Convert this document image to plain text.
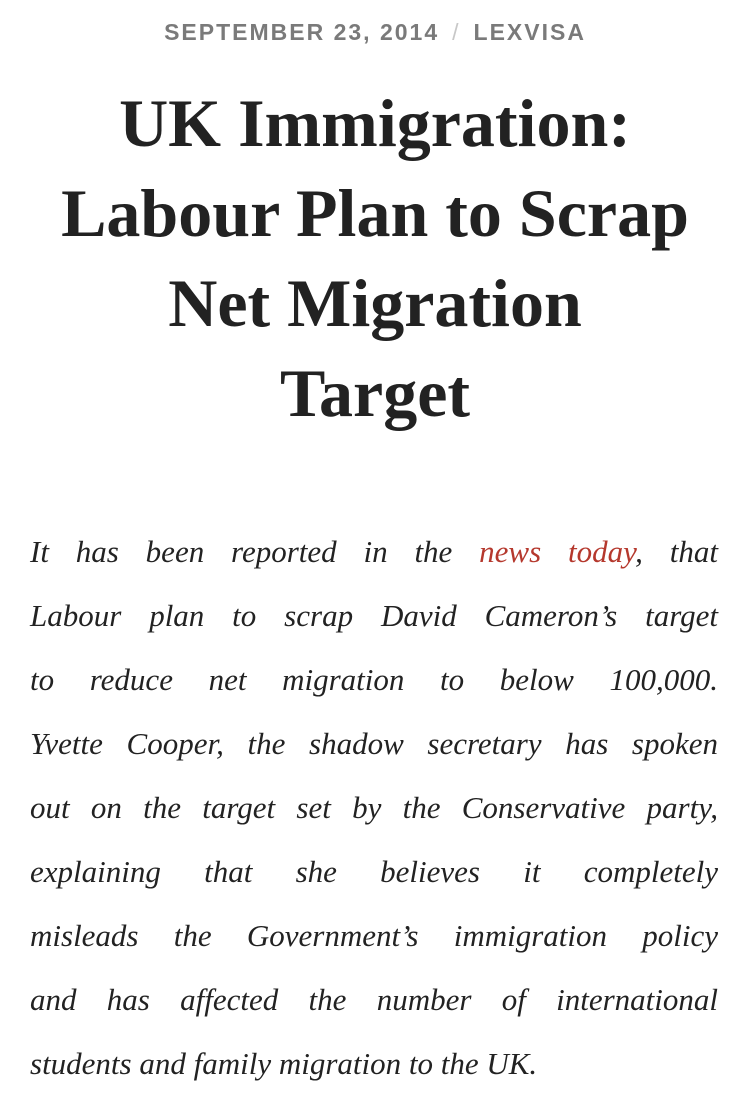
SEPTEMBER 23, 2014 / LEXVISA
UK Immigration:
Labour Plan to Scrap
Net Migration
Target
It has been reported in the news today, that
Labour plan to scrap David Cameron’s target
to reduce net migration to below 100,000.
Yvette Cooper, the shadow secretary has spoken
out on the target set by the Conservative party,
explaining that she believes it completely
misleads the Government’s immigration policy
and has affected the number of international
students and family migration to the UK.
